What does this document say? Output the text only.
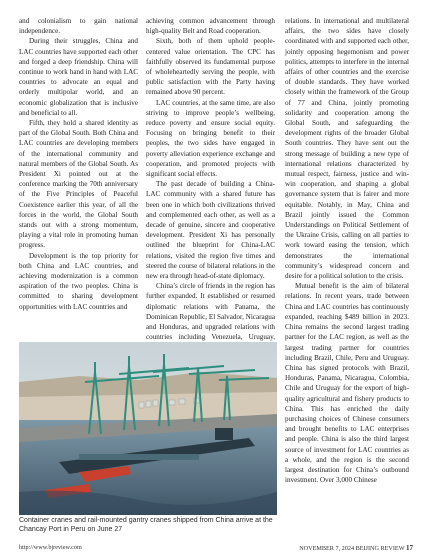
and colonialism to gain national independence.

During their struggles, China and LAC countries have supported each other and forged a deep friendship. China will continue to work hand in hand with LAC countries to advocate an equal and orderly multipolar world, and an economic globalization that is inclusive and beneficial to all.

Fifth, they hold a shared identity as part of the Global South. Both China and LAC countries are developing members of the international community and natural members of the Global South. As President Xi pointed out at the conference marking the 70th anniversary of the Five Principles of Peaceful Coexistence earlier this year, of all the forces in the world, the Global South stands out with a strong momentum, playing a vital role in promoting human progress.

Development is the top priority for both China and LAC countries, and achieving modernization is a common aspiration of the two peoples. China is committed to sharing development opportunities with LAC countries and

achieving common advancement through high-quality Belt and Road cooperation.

Sixth, both of them uphold people-centered value orientation. The CPC has faithfully observed its fundamental purpose of wholeheartedly serving the people, with public satisfaction with the Party having remained above 90 percent.

LAC countries, at the same time, are also striving to improve people’s wellbeing, reduce poverty and ensure social equity. Focusing on bringing benefit to their peoples, the two sides have engaged in poverty alleviation experience exchange and cooperation, and promoted projects with significant social effects.

The past decade of building a China-LAC community with a shared future has been one in which both civilizations thrived and complemented each other, as well as a decade of genuine, sincere and cooperative development. President Xi has personally outlined the blueprint for China-LAC relations, visited the region five times and steered the course of bilateral relations in the new era through head-of-state diplomacy.

China’s circle of friends in the region has further expanded. It established or resumed diplomatic relations with Panama, the Dominican Republic, El Salvador, Nicaragua and Honduras, and upgraded relations with countries including Venezuela, Uruguay,

relations. In international and multilateral affairs, the two sides have closely coordinated with and supported each other, jointly opposing hegemonism and power politics, attempts to interfere in the internal affairs of other countries and the exercise of double standards. They have worked closely within the framework of the Group of 77 and China, jointly promoting solidarity and cooperation among the Global South, and safeguarding the development rights of the broader Global South countries. They have sent out the strong message of building a new type of international relations characterized by mutual respect, fairness, justice and win-win cooperation, and shaping a global governance system that is fairer and more equitable. Notably, in May, China and Brazil jointly issued the Common Understandings on Political Settlement of the Ukraine Crisis, calling on all parties to work toward easing the tension, which demonstrates the international community’s widespread concern and desire for a political solution to the crisis.

Mutual benefit is the aim of bilateral relations. In recent years, trade between China and LAC countries has continuously expanded, reaching $489 billion in 2023. China remains the second largest trading partner for the LAC region, as well as the largest trading partner for countries including Brazil, Chile, Peru and Uruguay. China has signed protocols with Brazil, Honduras, Panama, Nicaragua, Colombia, Chile and Uruguay for the export of high-quality agricultural and fishery products to China. This has enriched the daily purchasing choices of Chinese consumers and brought benefits to LAC enterprises and people. China is also the third largest source of investment for LAC countries as a whole, and the region is the second largest destination for China’s outbound investment. Over 3,000 Chinese

Container cranes and rail-mounted gantry cranes shipped from China arrive at the Chancay Port in Peru on June 27
http://www.bjreview.com	NOVEMBER 7, 2024 BEIJING REVIEW 17
